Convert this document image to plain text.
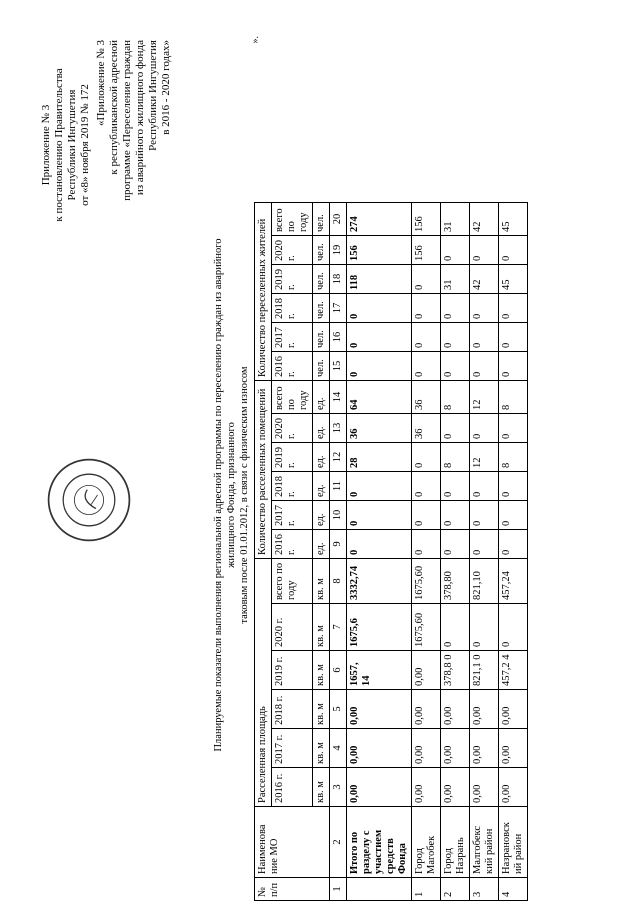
Приложение № 3 к постановлению Правительства Республики Ингушетия от «8» ноября 2019 № 172
«Приложение № 3 к республиканской адресной программе «Переселение граждан из аварийного жилищного фонда Республики Ингушетия в 2016 - 2020 годах»
Планируемые показатели выполнения региональной адресной программы по переселению граждан из аварийного жилищного Фонда, признанного таковым после 01.01.2012, в связи с физическим износом
№ п/п	Наименова ние МО	Расселенная площадь						Количество расселенных помещений						Количество переселенных жителей					
		2016 г.	2017 г.	2018 г.	2019 г.	2020 г.	всего по году	2016 г.	2017 г.	2018 г.	2019 г.	2020 г.	всего по году	2016 г.	2017 г.	2018 г.	2019 г.	2020 г.	всего по году
		кв. м	кв. м	кв. м	кв. м	кв. м	кв. м	ед.	ед.	ед.	ед.	ед.	ед.	чел.	чел.	чел.	чел.	чел.	чел.
1	2	3	4	5	6	7	8	9	10	11	12	13	14	15	16	17	18	19	20
	Итого по разделу с участием средств Фонда	0,00	0,00	0,00	1657, 14	1675,6	3332,74	0	0	0	28	36	64	0	0	0	118	156	274
1	Город Магобек	0,00	0,00	0,00	0,00	1675,60	1675,60	0	0	0	0	36	36	0	0	0	0	156	156
2	Город Назрань	0,00	0,00	0,00	378,8 0	0	378,80	0	0	0	8	0	8	0	0	0	31	0	31
3	Малгобекс кий район	0,00	0,00	0,00	821,1 0	0	821,10	0	0	0	12	0	12	0	0	0	42	0	42
4	Назрановск ий район	0,00	0,00	0,00	457,2 4	0	457,24	0	0	0	8	0	8	0	0	0	45	0	45
».
